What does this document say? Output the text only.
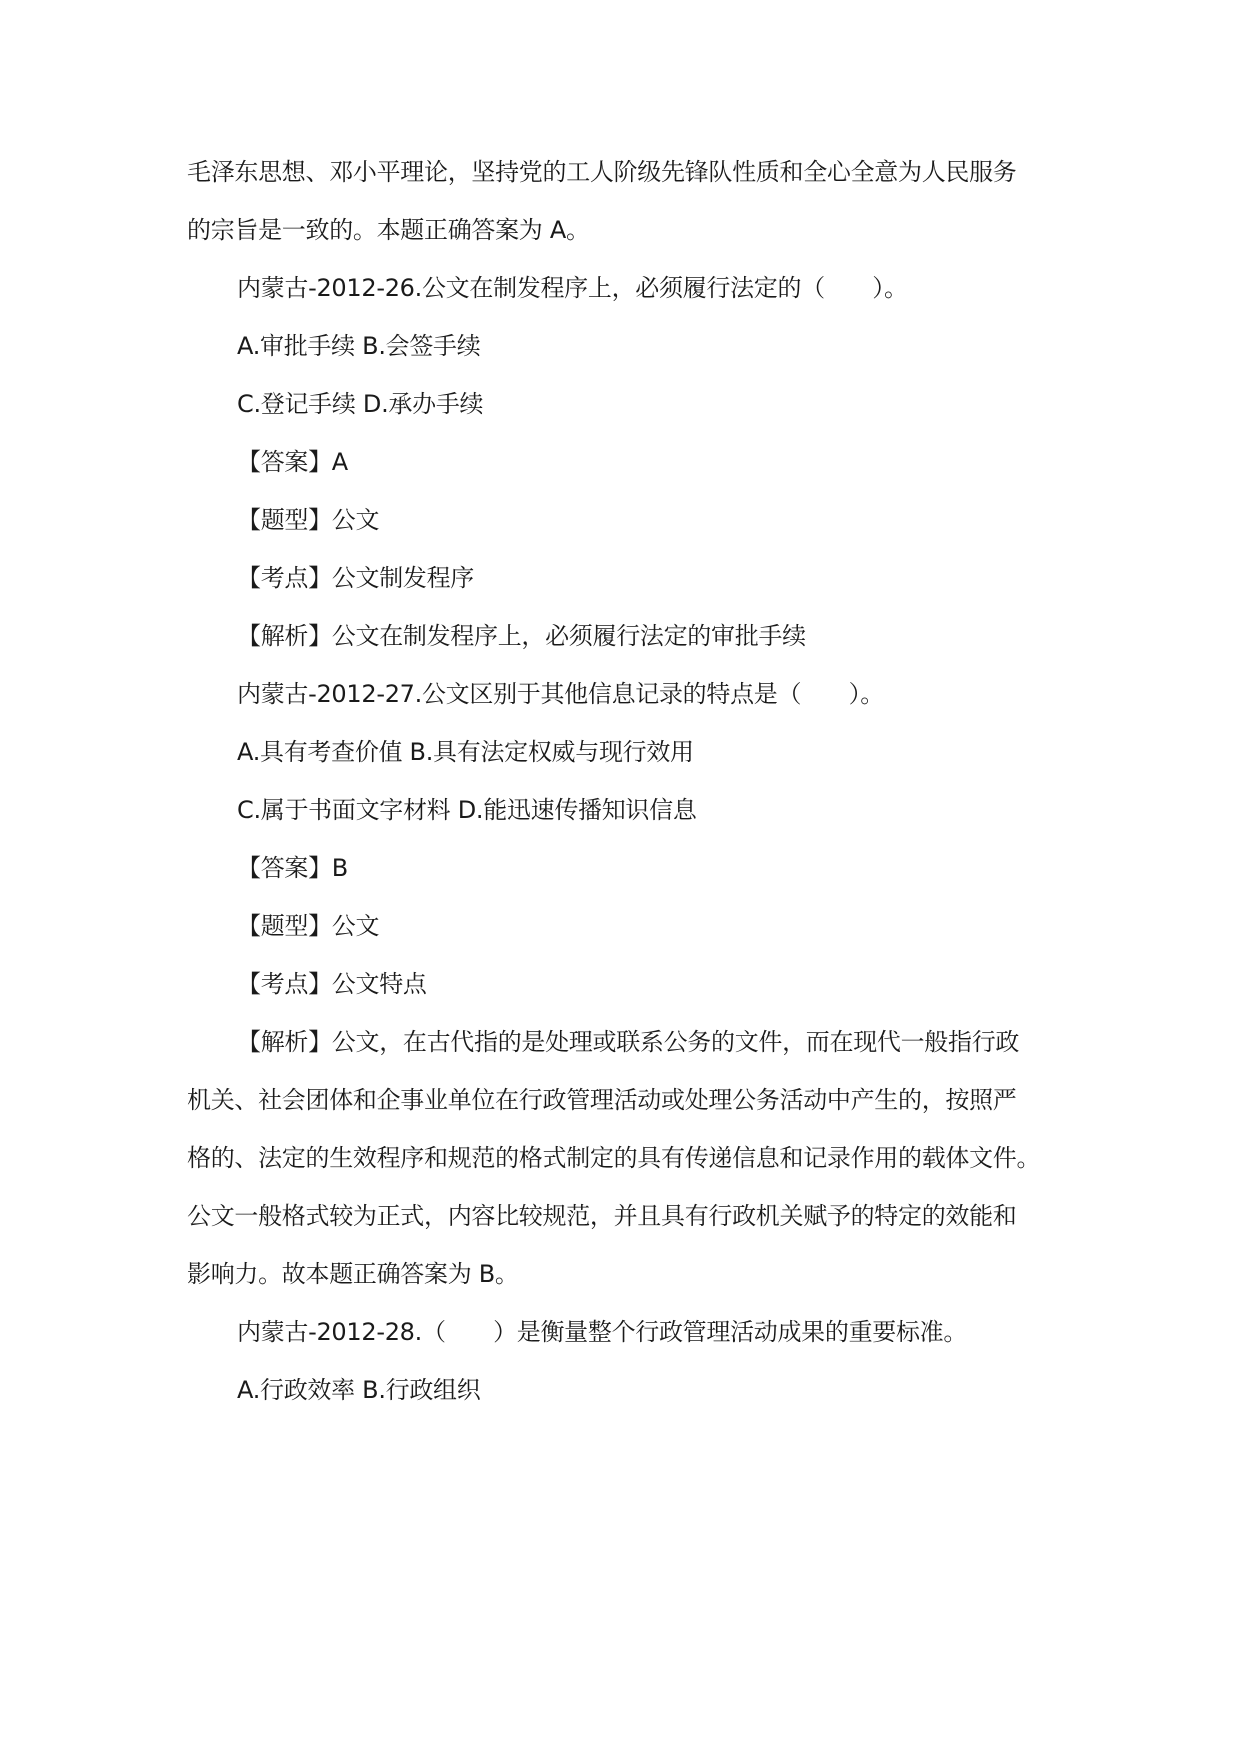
毛泽东思想、邓小平理论，坚持党的工人阶级先锋队性质和全心全意为人民服务
的宗旨是一致的。本题正确答案为 A。
内蒙古-2012-26.公文在制发程序上，必须履行法定的（　　）。
A.审批手续 B.会签手续
C.登记手续 D.承办手续
【答案】A
【题型】公文
【考点】公文制发程序
【解析】公文在制发程序上，必须履行法定的审批手续
内蒙古-2012-27.公文区别于其他信息记录的特点是（　　）。
A.具有考查价值 B.具有法定权威与现行效用
C.属于书面文字材料 D.能迅速传播知识信息
【答案】B
【题型】公文
【考点】公文特点
【解析】公文，在古代指的是处理或联系公务的文件，而在现代一般指行政
机关、社会团体和企事业单位在行政管理活动或处理公务活动中产生的，按照严
格的、法定的生效程序和规范的格式制定的具有传递信息和记录作用的载体文件。
公文一般格式较为正式，内容比较规范，并且具有行政机关赋予的特定的效能和
影响力。故本题正确答案为 B。
内蒙古-2012-28.（　　）是衡量整个行政管理活动成果的重要标准。
A.行政效率 B.行政组织
